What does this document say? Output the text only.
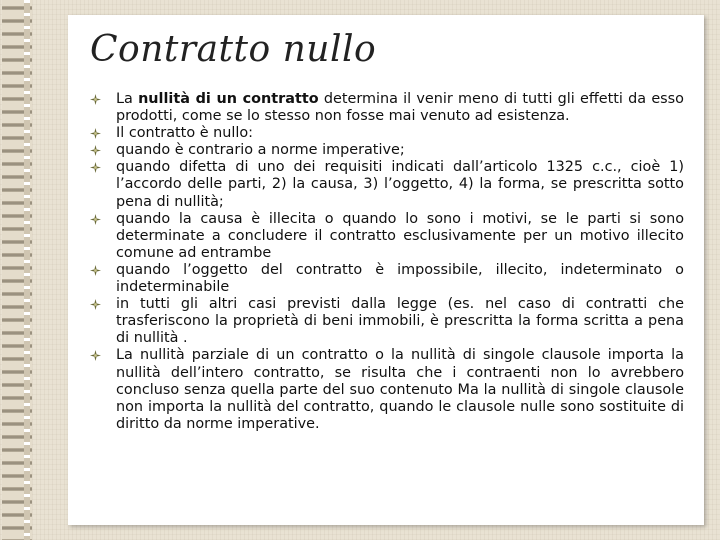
Contratto nullo
La nullità di un contratto determina il venir meno di tutti gli effetti da esso prodotti, come se lo stesso non fosse mai venuto ad esistenza.
Il contratto è nullo:
quando è contrario a norme imperative;
quando difetta di uno dei requisiti indicati dall’articolo 1325 c.c., cioè 1) l’accordo delle parti, 2) la causa, 3) l’oggetto, 4) la forma, se prescritta sotto pena di nullità;
quando la causa è illecita o quando lo sono i motivi, se le parti si sono determinate a concludere il contratto esclusivamente per un motivo illecito comune ad entrambe
quando l’oggetto del contratto è impossibile, illecito, indeterminato o indeterminabile
in tutti gli altri casi previsti dalla legge (es. nel caso di contratti che trasferiscono la proprietà di beni immobili, è prescritta la forma scritta a pena di nullità .
La nullità parziale di un contratto o la nullità di singole clausole importa la nullità dell’intero contratto, se risulta che i contraenti non lo avrebbero concluso senza quella parte del suo contenuto Ma la nullità di singole clausole non importa la nullità del contratto, quando le clausole nulle sono sostituite di diritto da norme imperative.
